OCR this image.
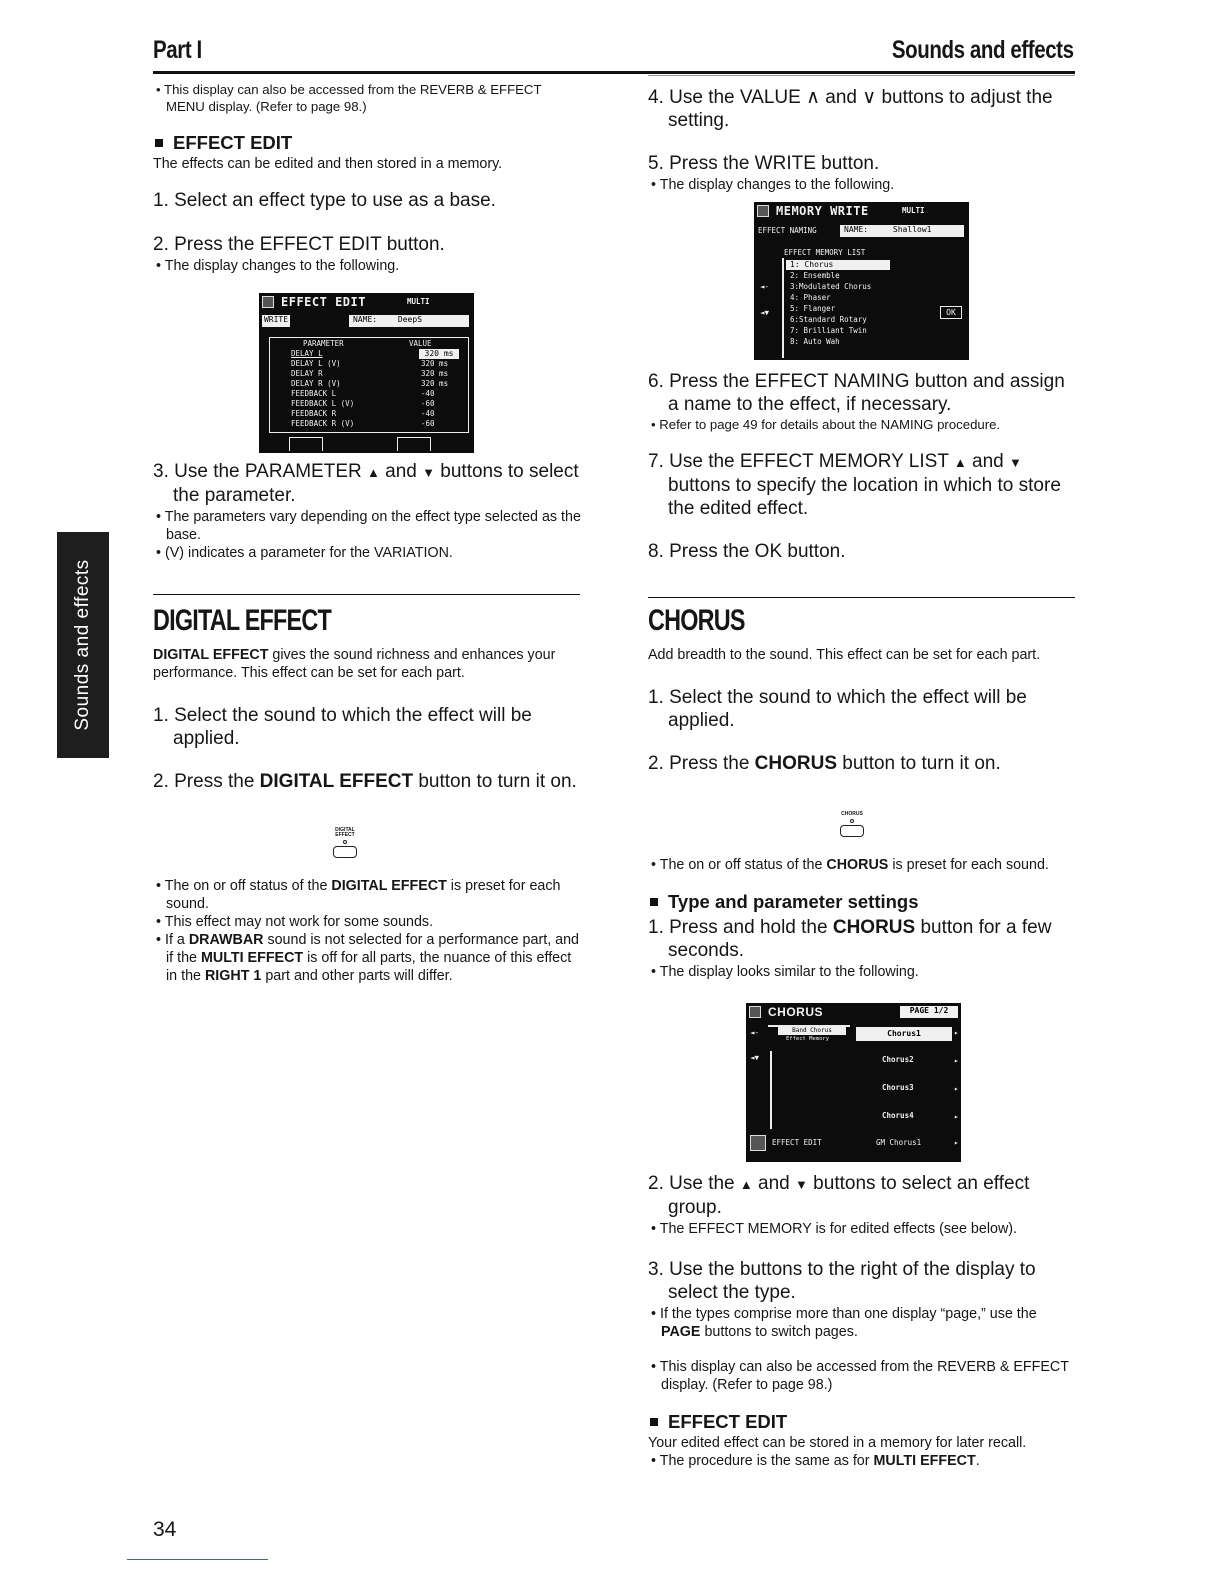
Part I	Sounds and effects
Sounds and effects

• This display can also be accessed from the REVERB & EFFECT MENU display. (Refer to page 98.)

EFFECT EDIT

The effects can be edited and then stored in a memory.

1. Select an effect type to use as a base.

2. Press the EFFECT EDIT button.

• The display changes to the following.

EFFECT EDIT	MULTI
WRITE	NAME:	DeepS
PARAMETER	VALUE
DELAY L	320 ms
DELAY L (V)	320 ms
DELAY R	320 ms
DELAY R (V)	320 ms
FEEDBACK L	-40
FEEDBACK L (V)	-60
FEEDBACK R	-40
FEEDBACK R (V)	-60

3. Use the PARAMETER ▲ and ▼ buttons to select the parameter.

• The parameters vary depending on the effect type selected as the base.

• (V) indicates a parameter for the VARIATION.

4. Use the VALUE ∧ and ∨ buttons to adjust the setting.

5. Press the WRITE button.

• The display changes to the following.

MEMORY WRITE	MULTI
EFFECT NAMING	NAME:	Shallow1
EFFECT MEMORY LIST
1: Chorus
2: Ensemble
3:Modulated Chorus
4: Phaser
5: Flanger
6:Standard Rotary
7: Brilliant Twin
8: Auto Wah
◄-
◄▼	OK

6. Press the EFFECT NAMING button and assign a name to the effect, if necessary.

• Refer to page 49 for details about the NAMING procedure.

7. Use the EFFECT MEMORY LIST ▲ and ▼ buttons to specify the location in which to store the edited effect.

8. Press the OK button.

DIGITAL EFFECT

DIGITAL EFFECT gives the sound richness and enhances your performance. This effect can be set for each part.

1. Select the sound to which the effect will be applied.

2. Press the DIGITAL EFFECT button to turn it on.

DIGITAL EFFECT

• The on or off status of the DIGITAL EFFECT is preset for each sound.

• This effect may not work for some sounds.

• If a DRAWBAR sound is not selected for a performance part, and if the MULTI EFFECT is off for all parts, the nuance of this effect in the RIGHT 1 part and other parts will differ.

CHORUS

Add breadth to the sound. This effect can be set for each part.

1. Select the sound to which the effect will be applied.

2. Press the CHORUS button to turn it on.

CHORUS

• The on or off status of the CHORUS is preset for each sound.

Type and parameter settings

1. Press and hold the CHORUS button for a few seconds.

• The display looks similar to the following.

CHORUS	PAGE 1/2
◄-	Band Chorus
Effect Memory
◄▼
Chorus1	▸
Chorus2	▸
Chorus3	▸
Chorus4	▸
EFFECT EDIT	GM Chorus1	▸

2. Use the ▲ and ▼ buttons to select an effect group.

• The EFFECT MEMORY is for edited effects (see below).

3. Use the buttons to the right of the display to select the type.

• If the types comprise more than one display “page,” use the PAGE buttons to switch pages.

• This display can also be accessed from the REVERB & EFFECT display. (Refer to page 98.)

EFFECT EDIT

Your edited effect can be stored in a memory for later recall.

• The procedure is the same as for MULTI EFFECT.

34
